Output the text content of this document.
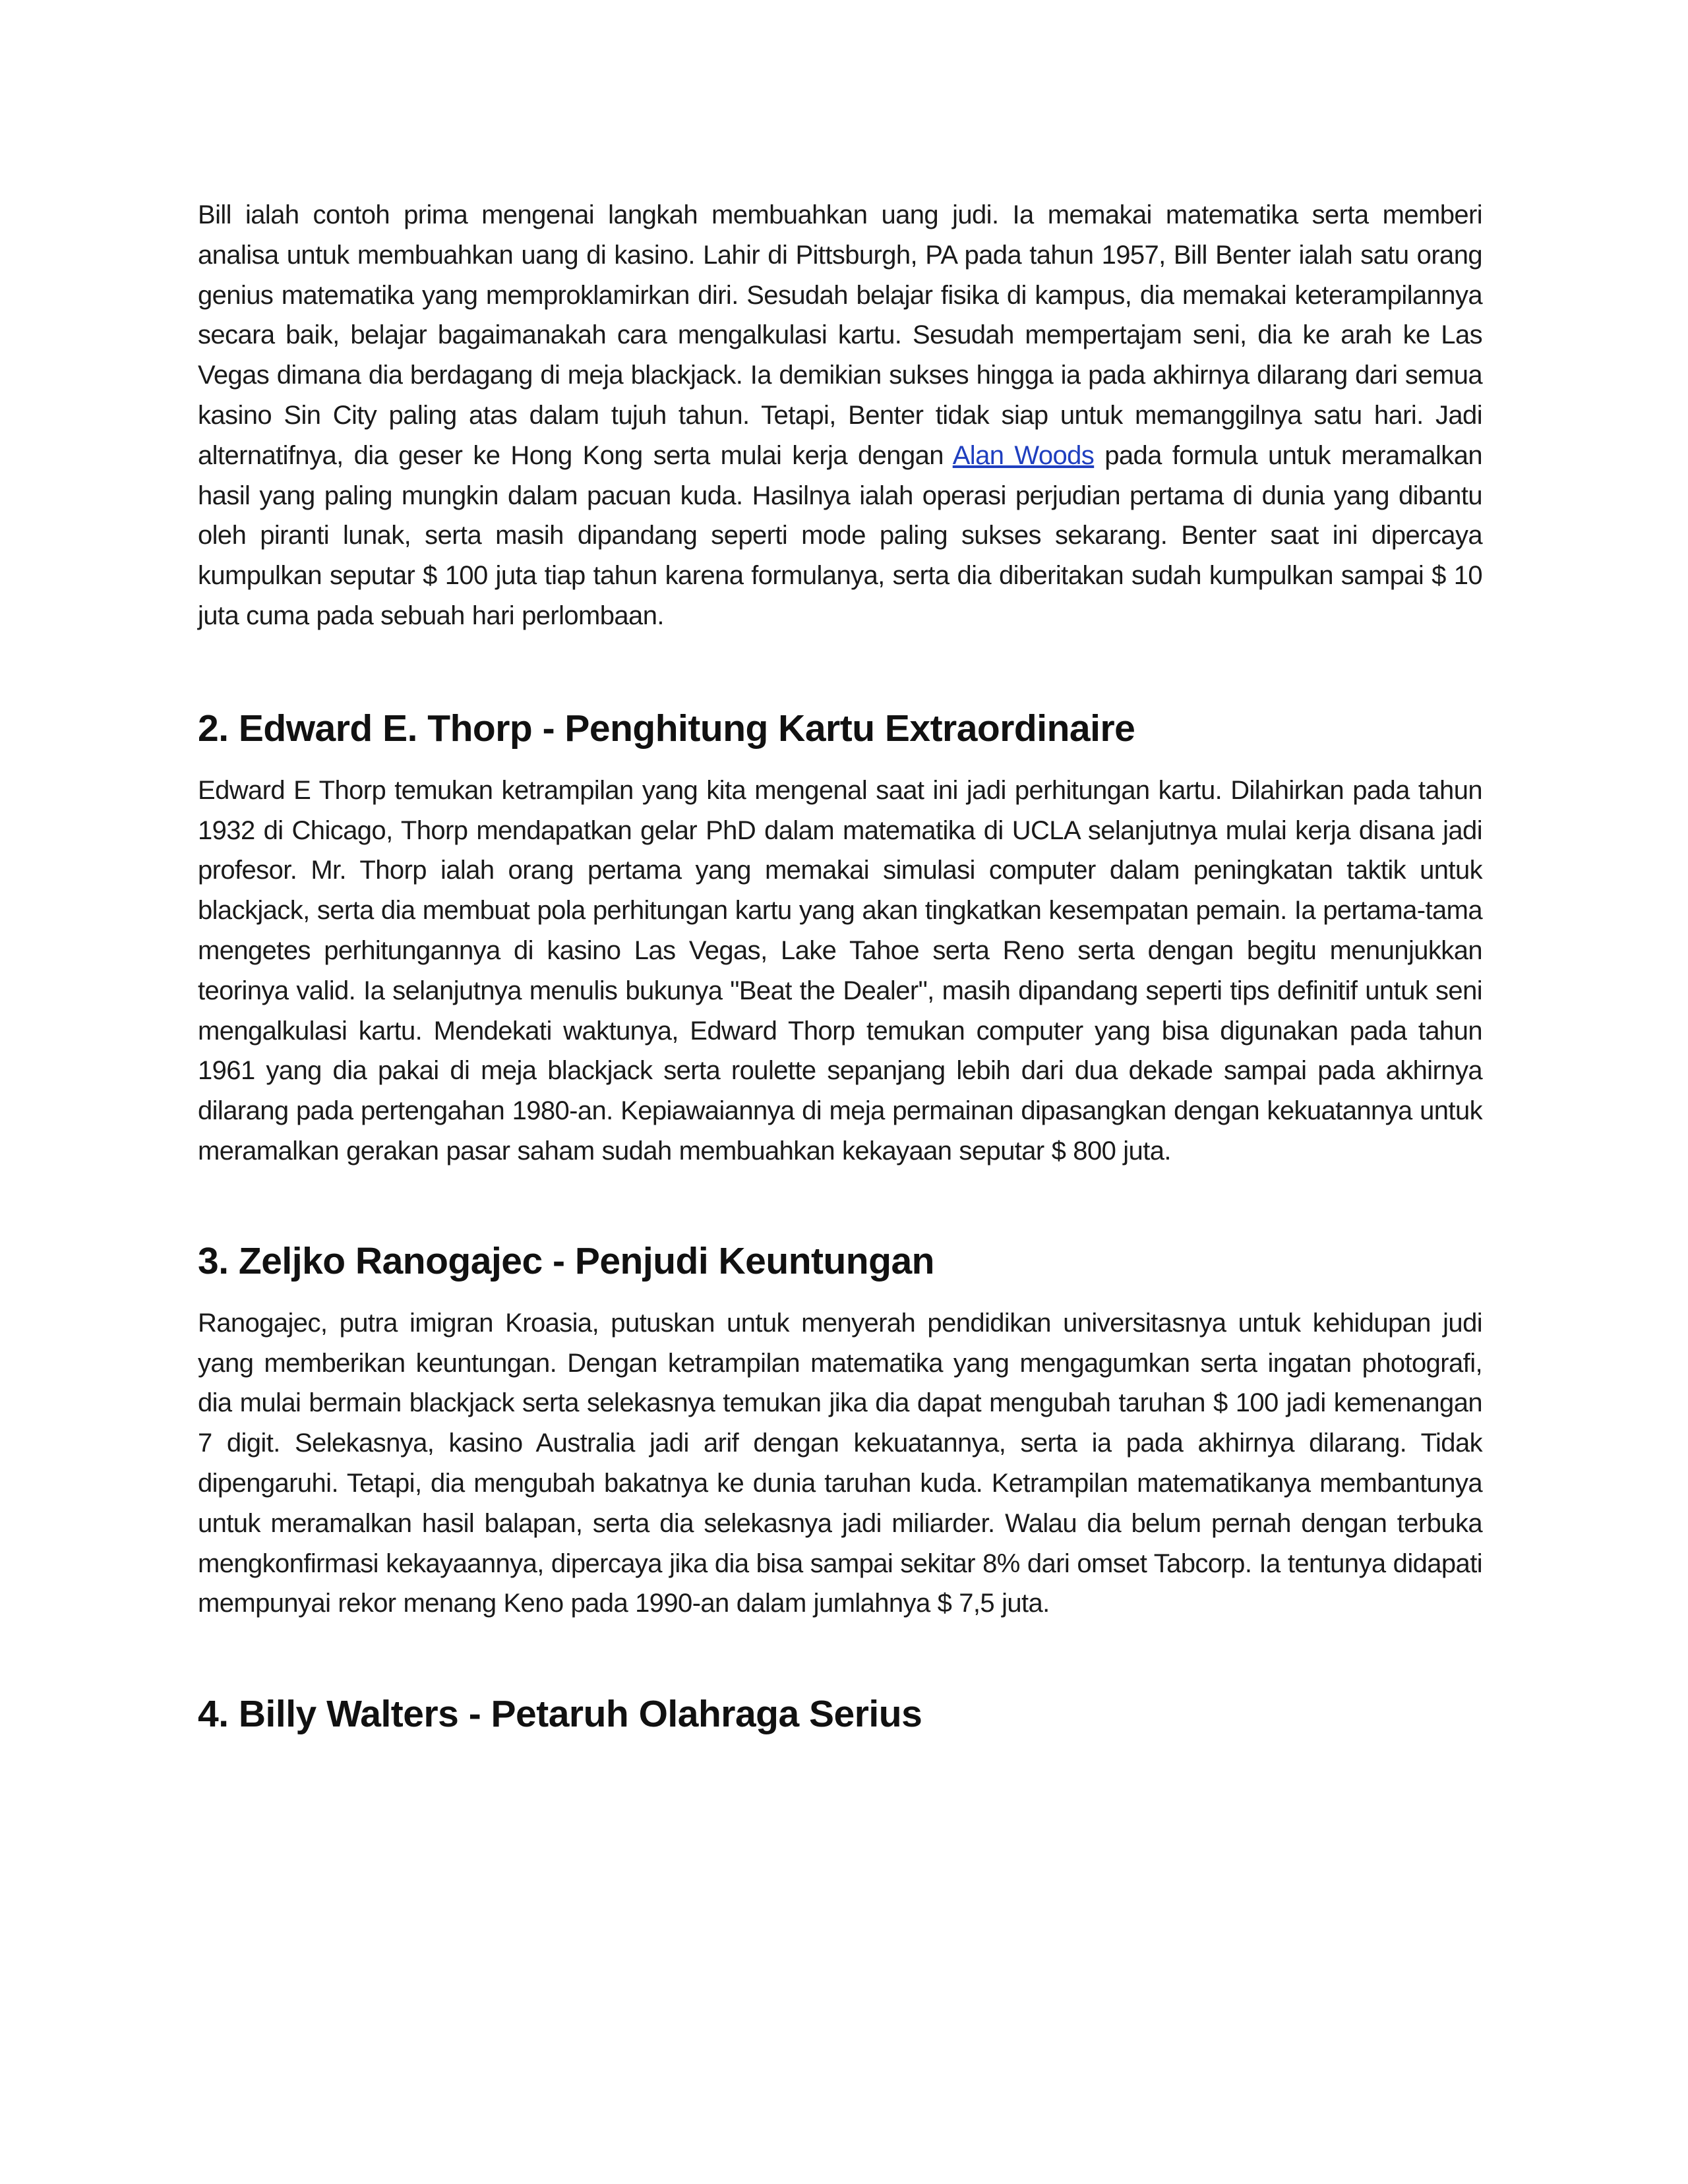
Bill ialah contoh prima mengenai langkah membuahkan uang judi. Ia memakai matematika serta memberi analisa untuk membuahkan uang di kasino. Lahir di Pittsburgh, PA pada tahun 1957, Bill Benter ialah satu orang genius matematika yang memproklamirkan diri. Sesudah belajar fisika di kampus, dia memakai keterampilannya secara baik, belajar bagaimanakah cara mengalkulasi kartu. Sesudah mempertajam seni, dia ke arah ke Las Vegas dimana dia berdagang di meja blackjack. Ia demikian sukses hingga ia pada akhirnya dilarang dari semua kasino Sin City paling atas dalam tujuh tahun. Tetapi, Benter tidak siap untuk memanggilnya satu hari. Jadi alternatifnya, dia geser ke Hong Kong serta mulai kerja dengan Alan Woods pada formula untuk meramalkan hasil yang paling mungkin dalam pacuan kuda. Hasilnya ialah operasi perjudian pertama di dunia yang dibantu oleh piranti lunak, serta masih dipandang seperti mode paling sukses sekarang. Benter saat ini dipercaya kumpulkan seputar $ 100 juta tiap tahun karena formulanya, serta dia diberitakan sudah kumpulkan sampai $ 10 juta cuma pada sebuah hari perlombaan.

2. Edward E. Thorp - Penghitung Kartu Extraordinaire

Edward E Thorp temukan ketrampilan yang kita mengenal saat ini jadi perhitungan kartu. Dilahirkan pada tahun 1932 di Chicago, Thorp mendapatkan gelar PhD dalam matematika di UCLA selanjutnya mulai kerja disana jadi profesor. Mr. Thorp ialah orang pertama yang memakai simulasi computer dalam peningkatan taktik untuk blackjack, serta dia membuat pola perhitungan kartu yang akan tingkatkan kesempatan pemain. Ia pertama-tama mengetes perhitungannya di kasino Las Vegas, Lake Tahoe serta Reno serta dengan begitu menunjukkan teorinya valid. Ia selanjutnya menulis bukunya "Beat the Dealer", masih dipandang seperti tips definitif untuk seni mengalkulasi kartu. Mendekati waktunya, Edward Thorp temukan computer yang bisa digunakan pada tahun 1961 yang dia pakai di meja blackjack serta roulette sepanjang lebih dari dua dekade sampai pada akhirnya dilarang pada pertengahan 1980-an. Kepiawaiannya di meja permainan dipasangkan dengan kekuatannya untuk meramalkan gerakan pasar saham sudah membuahkan kekayaan seputar $ 800 juta.

3. Zeljko Ranogajec - Penjudi Keuntungan

Ranogajec, putra imigran Kroasia, putuskan untuk menyerah pendidikan universitasnya untuk kehidupan judi yang memberikan keuntungan. Dengan ketrampilan matematika yang mengagumkan serta ingatan photografi, dia mulai bermain blackjack serta selekasnya temukan jika dia dapat mengubah taruhan $ 100 jadi kemenangan 7 digit. Selekasnya, kasino Australia jadi arif dengan kekuatannya, serta ia pada akhirnya dilarang. Tidak dipengaruhi. Tetapi, dia mengubah bakatnya ke dunia taruhan kuda. Ketrampilan matematikanya membantunya untuk meramalkan hasil balapan, serta dia selekasnya jadi miliarder. Walau dia belum pernah dengan terbuka mengkonfirmasi kekayaannya, dipercaya jika dia bisa sampai sekitar 8% dari omset Tabcorp. Ia tentunya didapati mempunyai rekor menang Keno pada 1990-an dalam jumlahnya $ 7,5 juta.

4. Billy Walters - Petaruh Olahraga Serius
